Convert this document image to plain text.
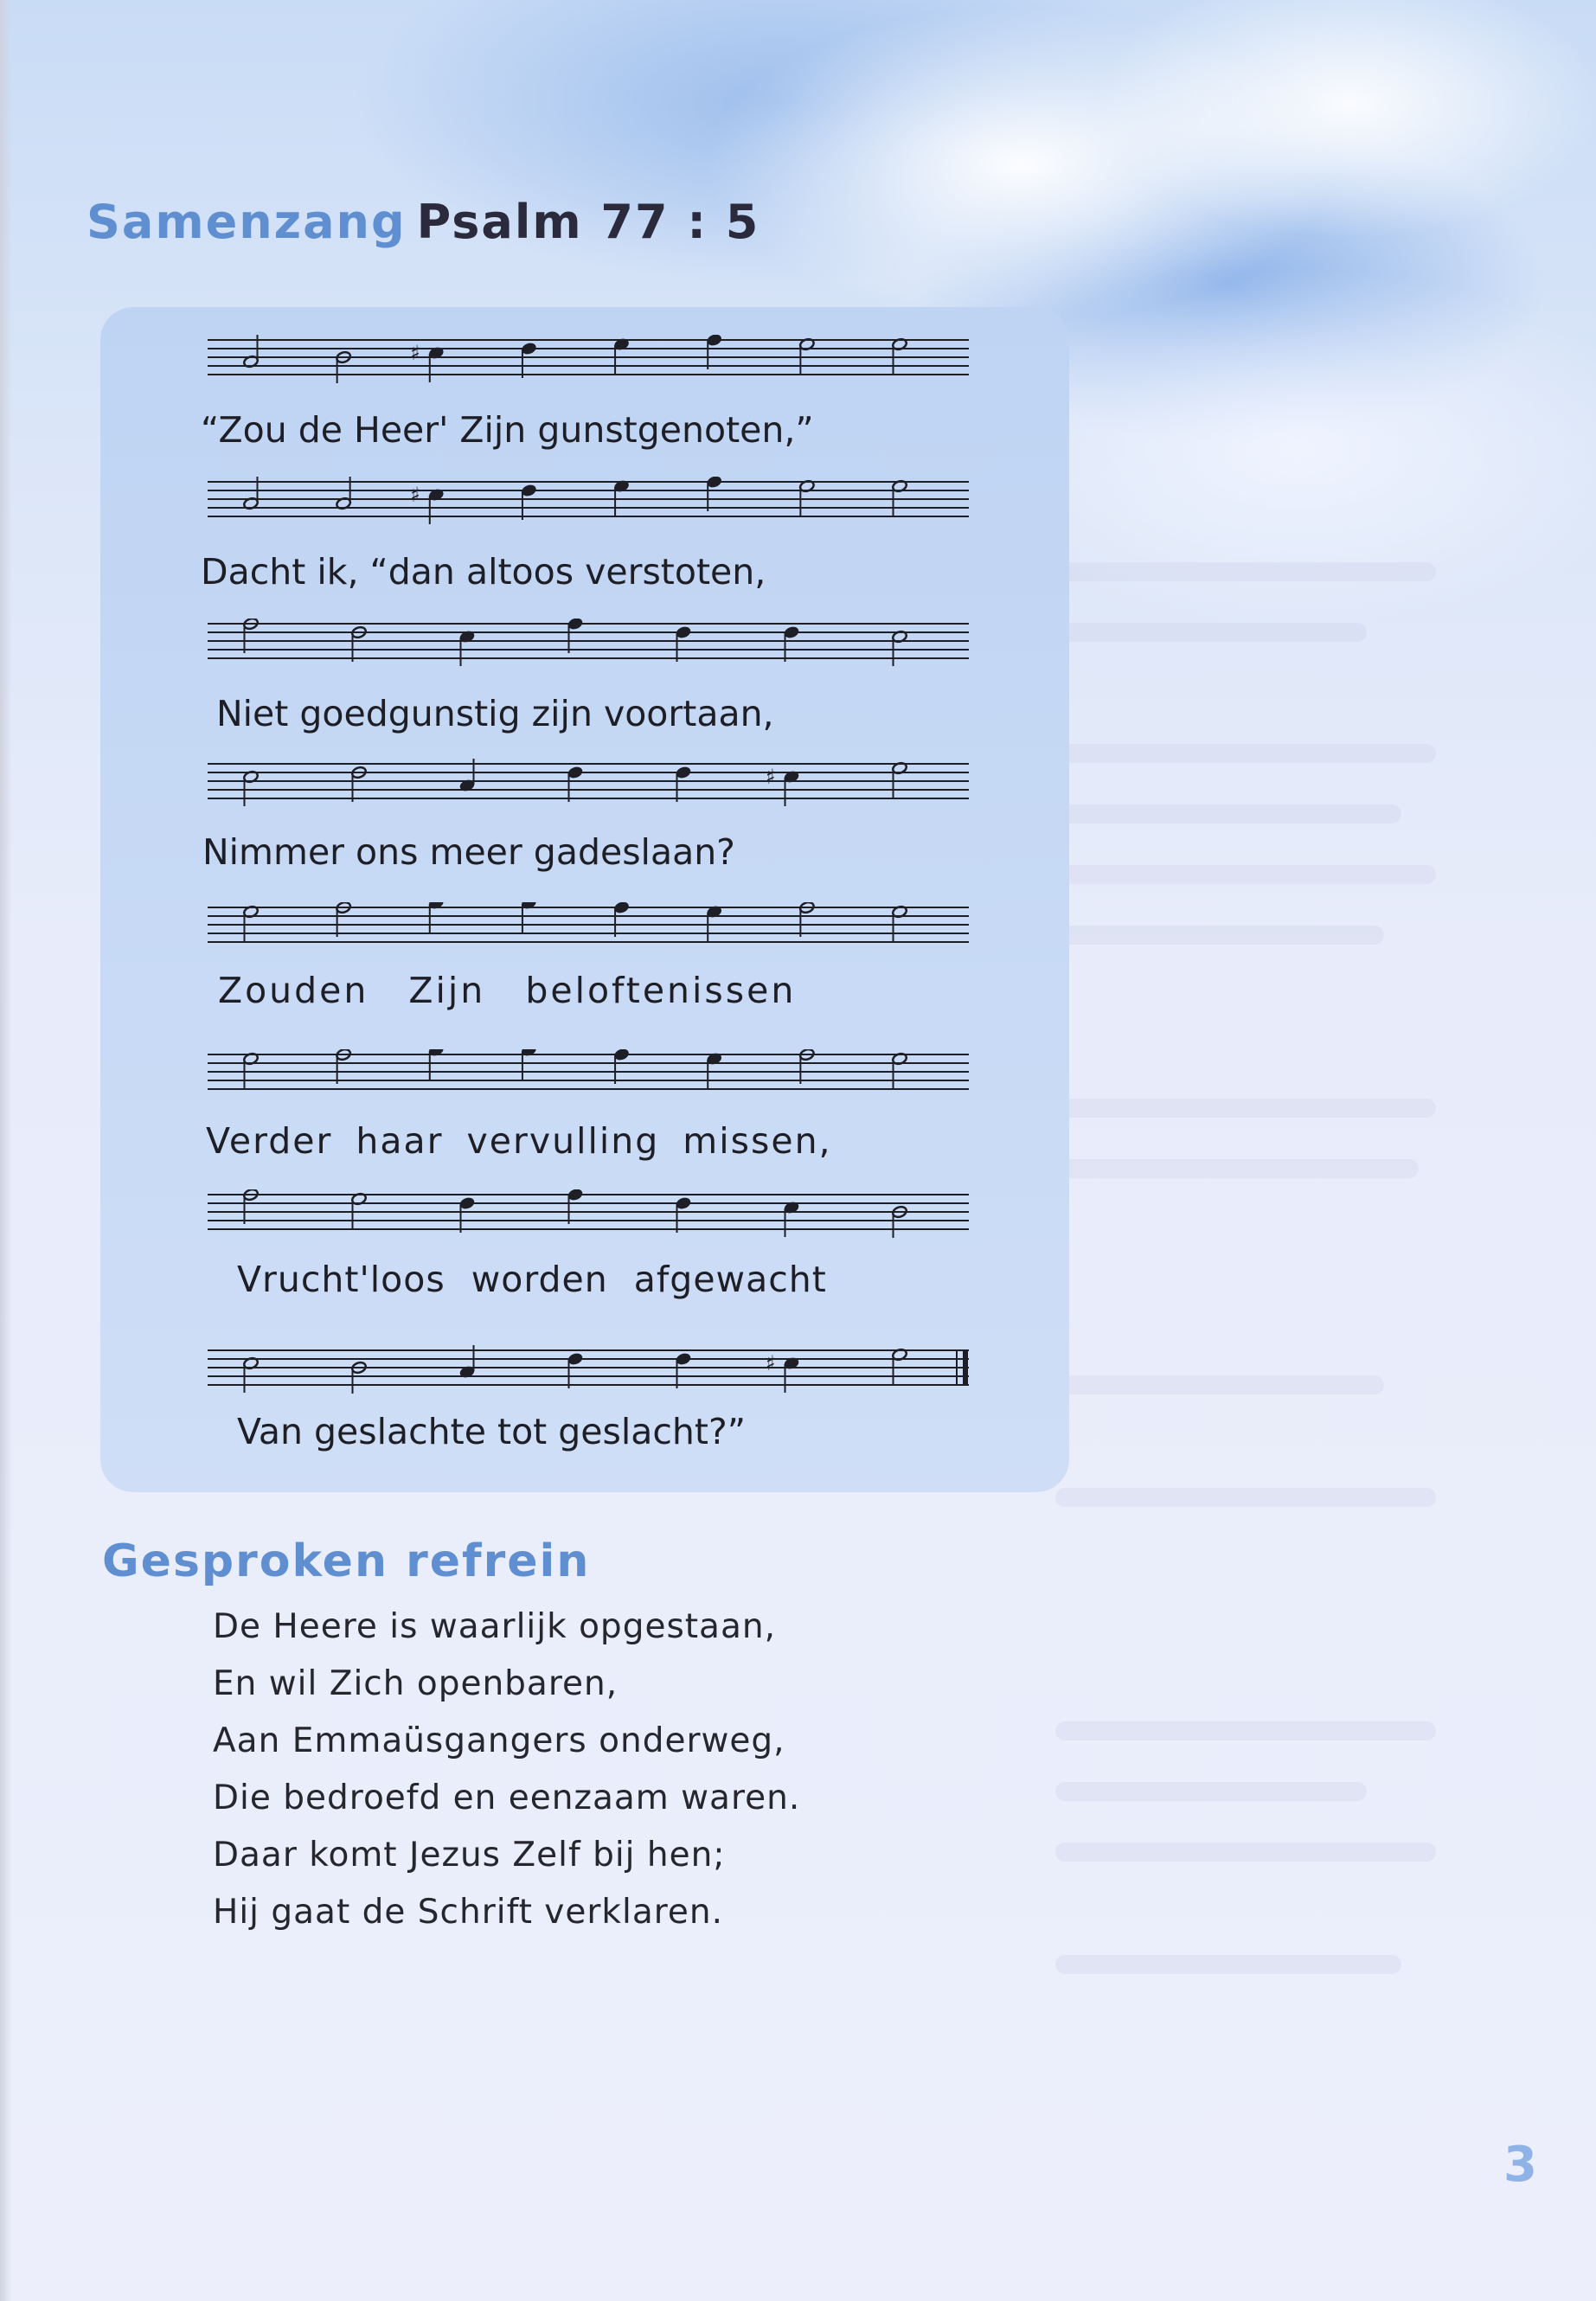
Samenzang Psalm 77 : 5
♯
“Zou de Heer' Zijn gunstgenoten,”
♯
Dacht ik, “dan altoos verstoten,
Niet goedgunstig zijn voortaan,
♯
Nimmer ons meer gadeslaan?
Zouden Zijn beloftenissen
Verder haar vervulling missen,
Vrucht'loos worden afgewacht
♯
Van geslachte tot geslacht?”
Gesproken refrein
De Heere is waarlijk opgestaan,
En wil Zich openbaren,
Aan Emmaüsgangers onderweg,
Die bedroefd en eenzaam waren.
Daar komt Jezus Zelf bij hen;
Hij gaat de Schrift verklaren.
3
